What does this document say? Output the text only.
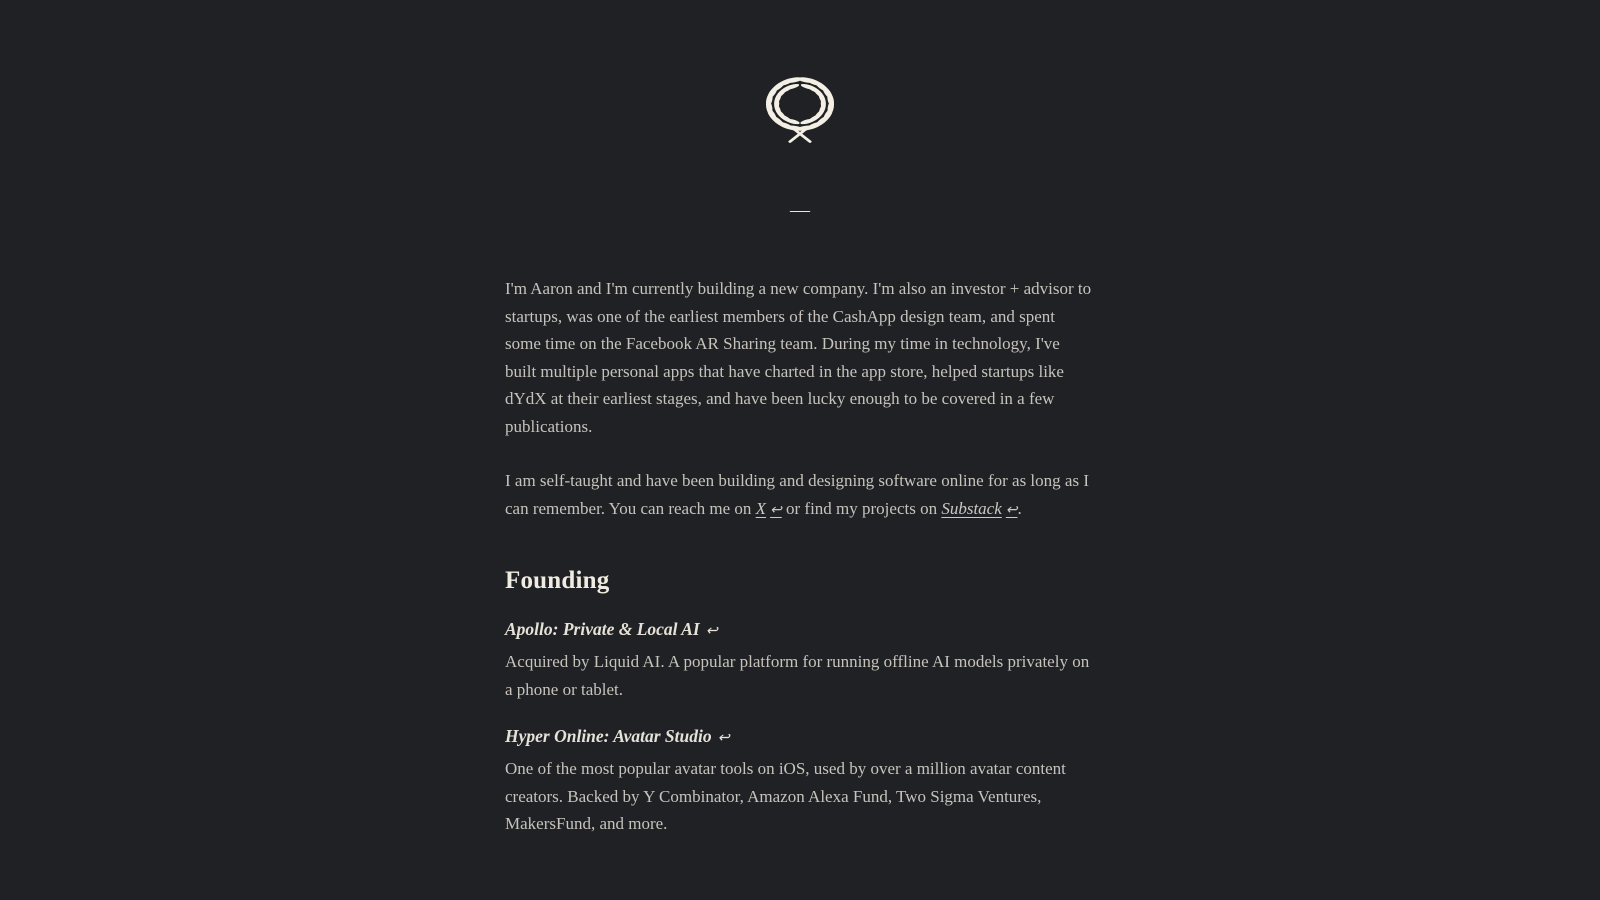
—

I'm Aaron and I'm currently building a new company. I'm also an investor + advisor to startups, was one of the earliest members of the CashApp design team, and spent some time on the Facebook AR Sharing team. During my time in technology, I've built multiple personal apps that have charted in the app store, helped startups like dYdX at their earliest stages, and have been lucky enough to be covered in a few publications.

I am self-taught and have been building and designing software online for as long as I can remember. You can reach me on X ↩ or find my projects on Substack ↩.

Founding
Apollo: Private & Local AI ↩

Acquired by Liquid AI. A popular platform for running offline AI models privately on a phone or tablet.

Hyper Online: Avatar Studio ↩

One of the most popular avatar tools on iOS, used by over a million avatar content creators. Backed by Y Combinator, Amazon Alexa Fund, Two Sigma Ventures, MakersFund, and more.
